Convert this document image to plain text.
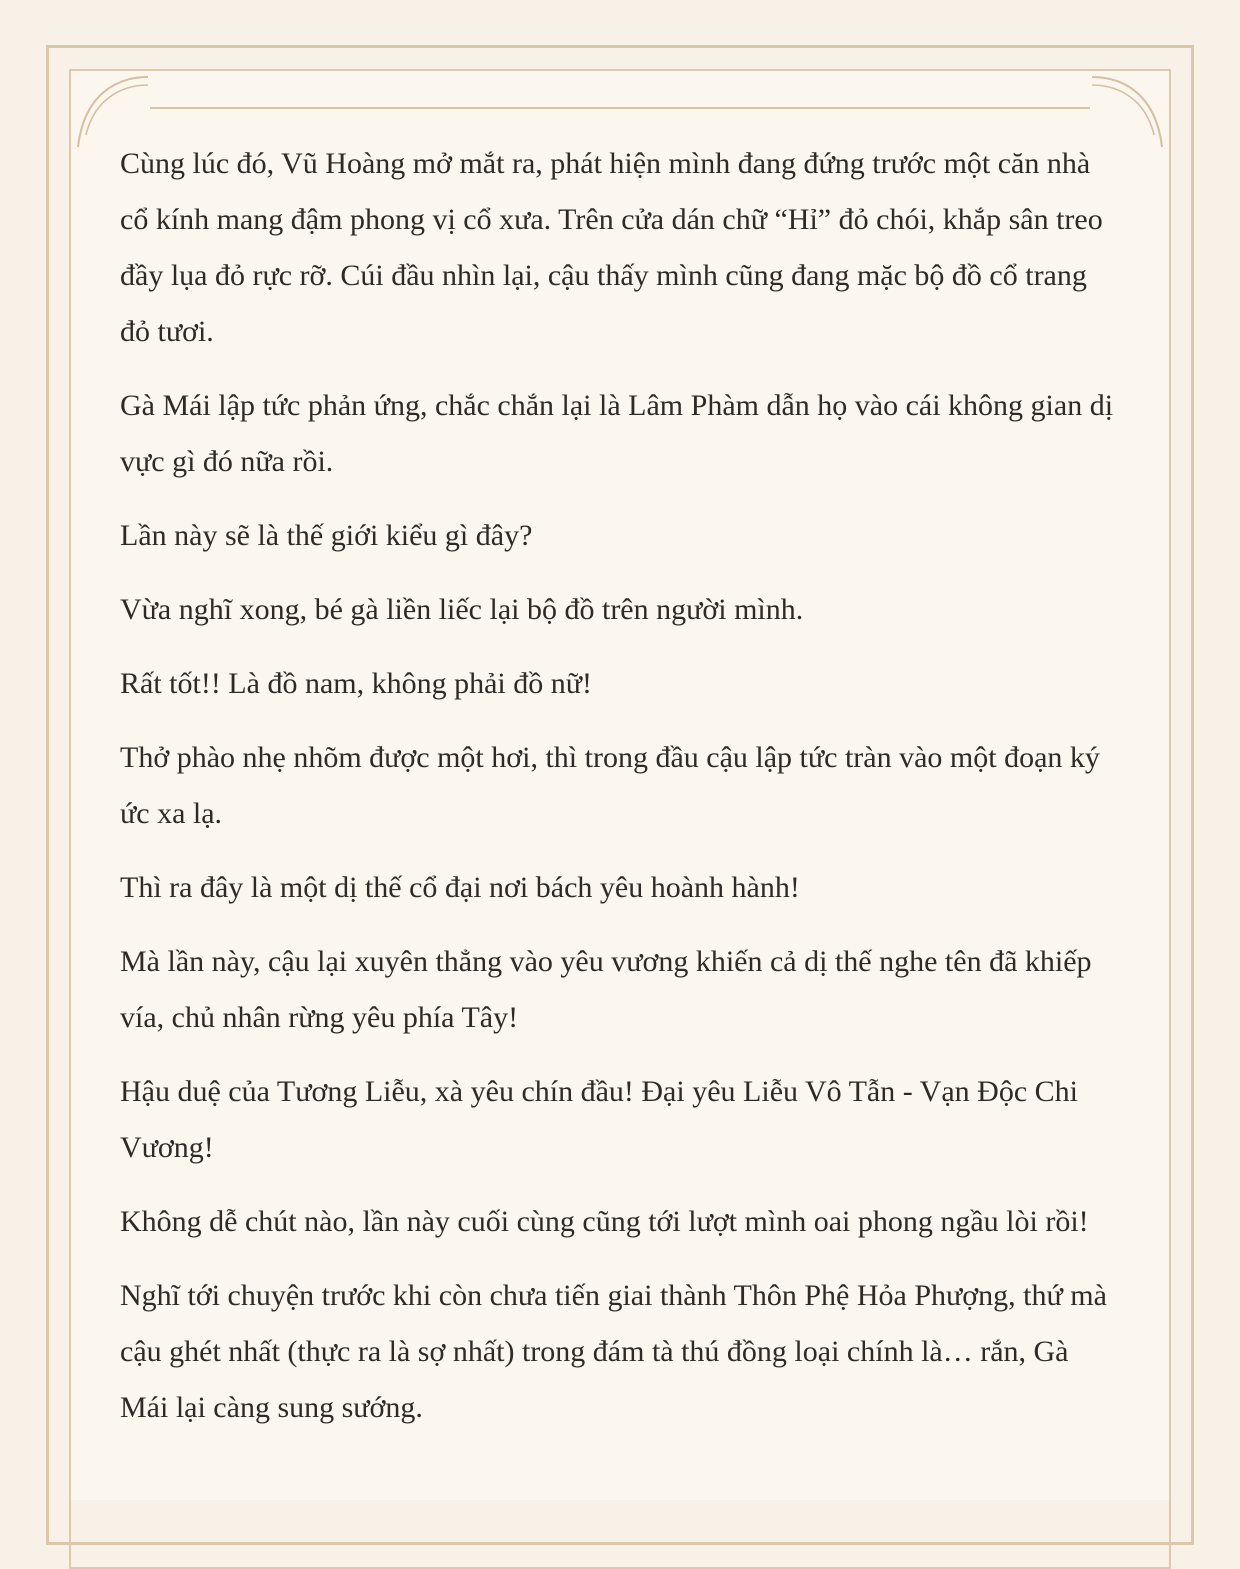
Cùng lúc đó, Vũ Hoàng mở mắt ra, phát hiện mình đang đứng trước một căn nhà cổ kính mang đậm phong vị cổ xưa. Trên cửa dán chữ “Hỉ” đỏ chói, khắp sân treo đầy lụa đỏ rực rỡ. Cúi đầu nhìn lại, cậu thấy mình cũng đang mặc bộ đồ cổ trang đỏ tươi.

Gà Mái lập tức phản ứng, chắc chắn lại là Lâm Phàm dẫn họ vào cái không gian dị vực gì đó nữa rồi.

Lần này sẽ là thế giới kiểu gì đây?

Vừa nghĩ xong, bé gà liền liếc lại bộ đồ trên người mình.

Rất tốt!! Là đồ nam, không phải đồ nữ!

Thở phào nhẹ nhõm được một hơi, thì trong đầu cậu lập tức tràn vào một đoạn ký ức xa lạ.

Thì ra đây là một dị thế cổ đại nơi bách yêu hoành hành!

Mà lần này, cậu lại xuyên thẳng vào yêu vương khiến cả dị thế nghe tên đã khiếp vía, chủ nhân rừng yêu phía Tây!

Hậu duệ của Tương Liễu, xà yêu chín đầu! Đại yêu Liễu Vô Tẫn - Vạn Độc Chi Vương!

Không dễ chút nào, lần này cuối cùng cũng tới lượt mình oai phong ngầu lòi rồi!

Nghĩ tới chuyện trước khi còn chưa tiến giai thành Thôn Phệ Hỏa Phượng, thứ mà cậu ghét nhất (thực ra là sợ nhất) trong đám tà thú đồng loại chính là… rắn, Gà Mái lại càng sung sướng.
